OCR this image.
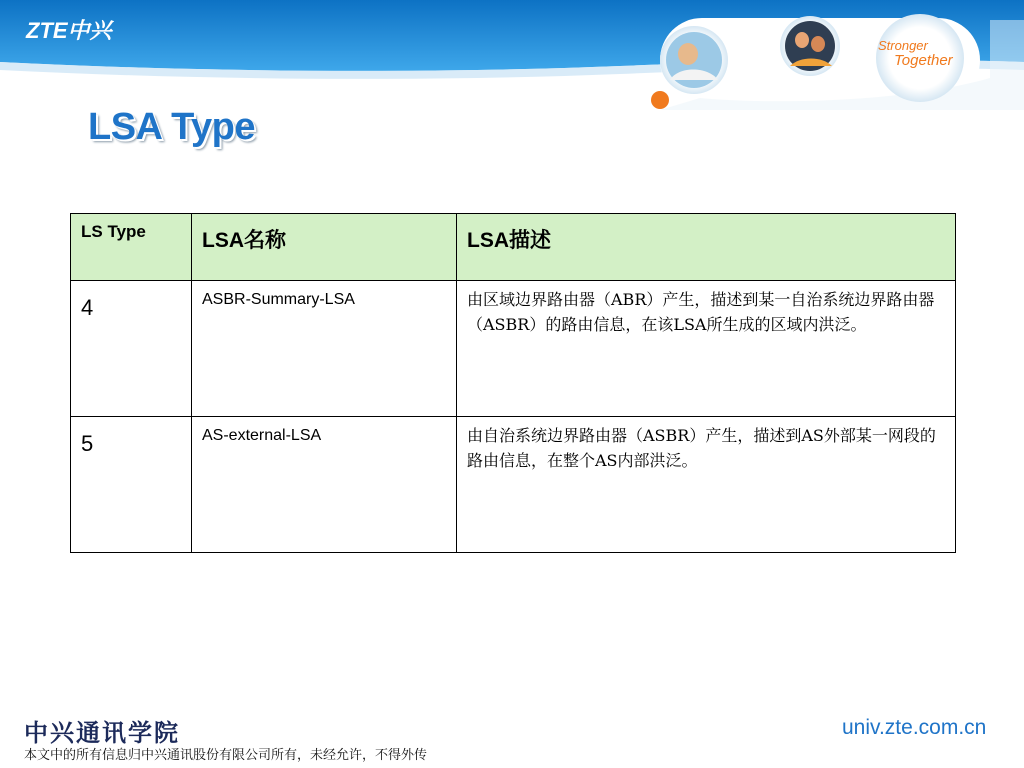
ZTE中兴
Stronger
Together
LSA Type
LS Type	LSA名称	LSA描述

4	ASBR-Summary-LSA	由区域边界路由器（ABR）产生，描述到某一自治系统边界路由器（ASBR）的路由信息，在该LSA所生成的区域内洪泛。

5	AS-external-LSA	由自治系统边界路由器（ASBR）产生，描述到AS外部某一网段的路由信息，在整个AS内部洪泛。
中兴通讯学院
本文中的所有信息归中兴通讯股份有限公司所有，未经允许，不得外传
univ.zte.com.cn
